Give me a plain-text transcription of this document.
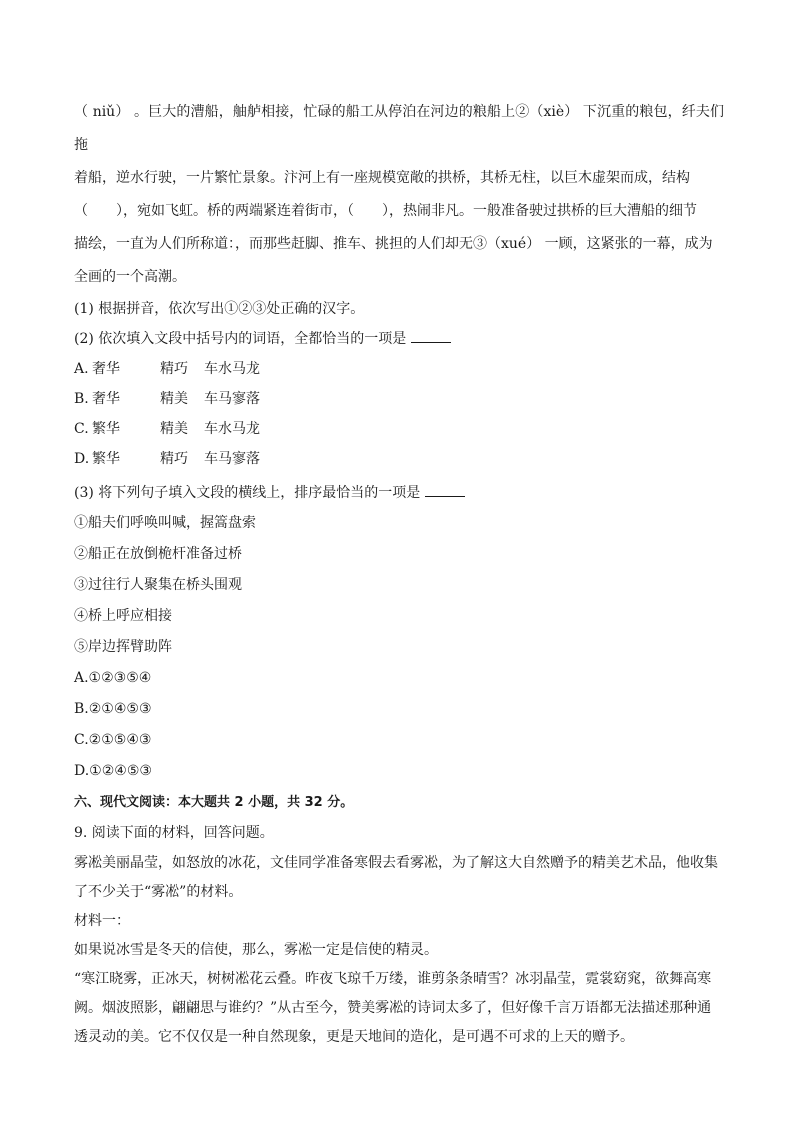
（ niǔ） 。巨大的漕船，舳舻相接，忙碌的船工从停泊在河边的粮船上②（xiè） 下沉重的粮包，纤夫们拖

着船，逆水行驶，一片繁忙景象。汴河上有一座规模宽敞的拱桥，其桥无柱，以巨木虚架而成，结构

（　　），宛如飞虹。桥的两端紧连着街市，（　　），热闹非凡。一般准备驶过拱桥的巨大漕船的细节

描绘，一直为人们所称道：，而那些赶脚、推车、挑担的人们却无③（xué） 一顾，这紧张的一幕，成为

全画的一个高潮。

(1) 根据拼音，依次写出①②③处正确的汉字。

(2) 依次填入文段中括号内的词语，全都恰当的一项是

A. 奢华	精巧	车水马龙

B. 奢华	精美	车马寥落

C. 繁华	精美	车水马龙

D. 繁华	精巧	车马寥落

(3) 将下列句子填入文段的横线上，排序最恰当的一项是

①船夫们呼唤叫喊，握篙盘索

②船正在放倒桅杆准备过桥

③过往行人聚集在桥头围观

④桥上呼应相接

⑤岸边挥臂助阵

A.①②③⑤④

B.②①④⑤③

C.②①⑤④③

D.①②④⑤③

六、现代文阅读：本大题共 2 小题，共 32 分。

9. 阅读下面的材料，回答问题。

雾凇美丽晶莹，如怒放的冰花，文佳同学准备寒假去看雾凇，为了解这大自然赠予的精美艺术品，他收集

了不少关于“雾凇”的材料。

材料一：

如果说冰雪是冬天的信使，那么，雾凇一定是信使的精灵。

“寒江晓雾，正冰天，树树凇花云叠。昨夜飞琼千万缕，谁剪条条晴雪？冰羽晶莹，霓裳窈窕，欲舞高寒

阙。烟波照影，翩翩思与谁约？”从古至今，赞美雾凇的诗词太多了，但好像千言万语都无法描述那种通

透灵动的美。它不仅仅是一种自然现象，更是天地间的造化，是可遇不可求的上天的赠予。
